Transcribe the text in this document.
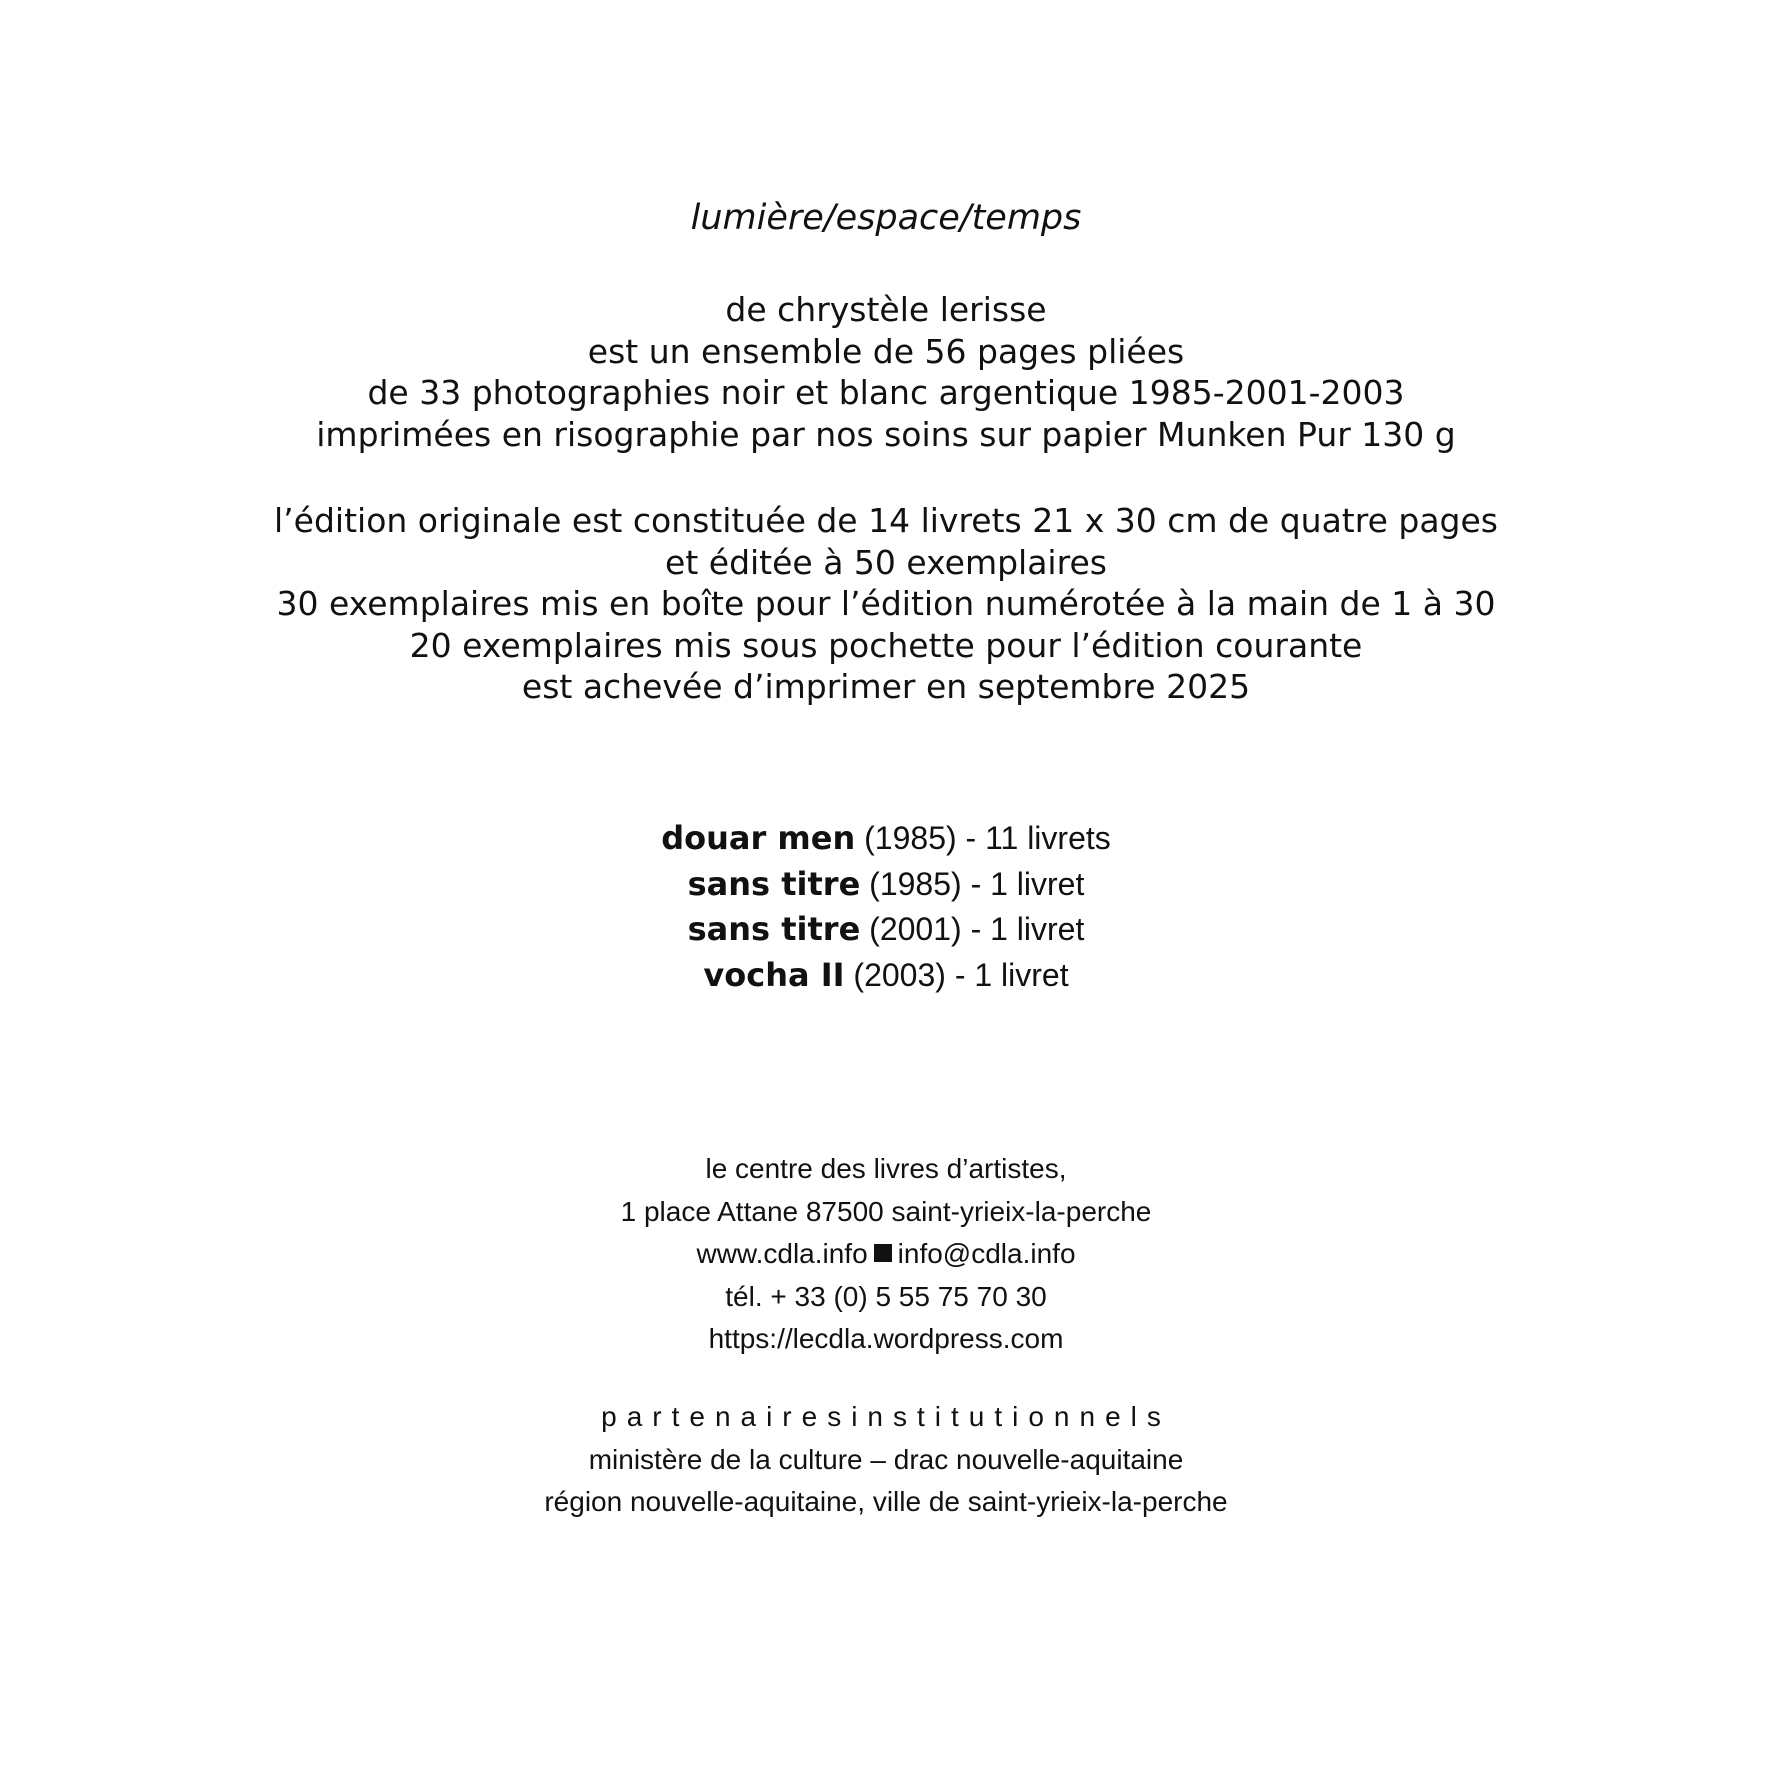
lumière/espace/temps
de chrystèle lerisse
est un ensemble de 56 pages pliées
de 33 photographies noir et blanc argentique 1985-2001-2003
imprimées en risographie par nos soins sur papier Munken Pur 130 g
l’édition originale est constituée de 14 livrets 21 x 30 cm de quatre pages
et éditée à 50 exemplaires
30 exemplaires mis en boîte pour l’édition numérotée à la main de 1 à 30
20 exemplaires mis sous pochette pour l’édition courante
est achevée d’imprimer en septembre 2025
douar men (1985) - 11 livrets
sans titre (1985) - 1 livret
sans titre (2001) - 1 livret
vocha II (2003) - 1 livret
le centre des livres d’artistes,
1 place Attane 87500 saint-yrieix-la-perche
www.cdla.info info@cdla.info
tél. + 33 (0) 5 55 75 70 30
https://lecdla.wordpress.com
partenairesinstitutionnels
ministère de la culture – drac nouvelle-aquitaine
région nouvelle-aquitaine, ville de saint-yrieix-la-perche
